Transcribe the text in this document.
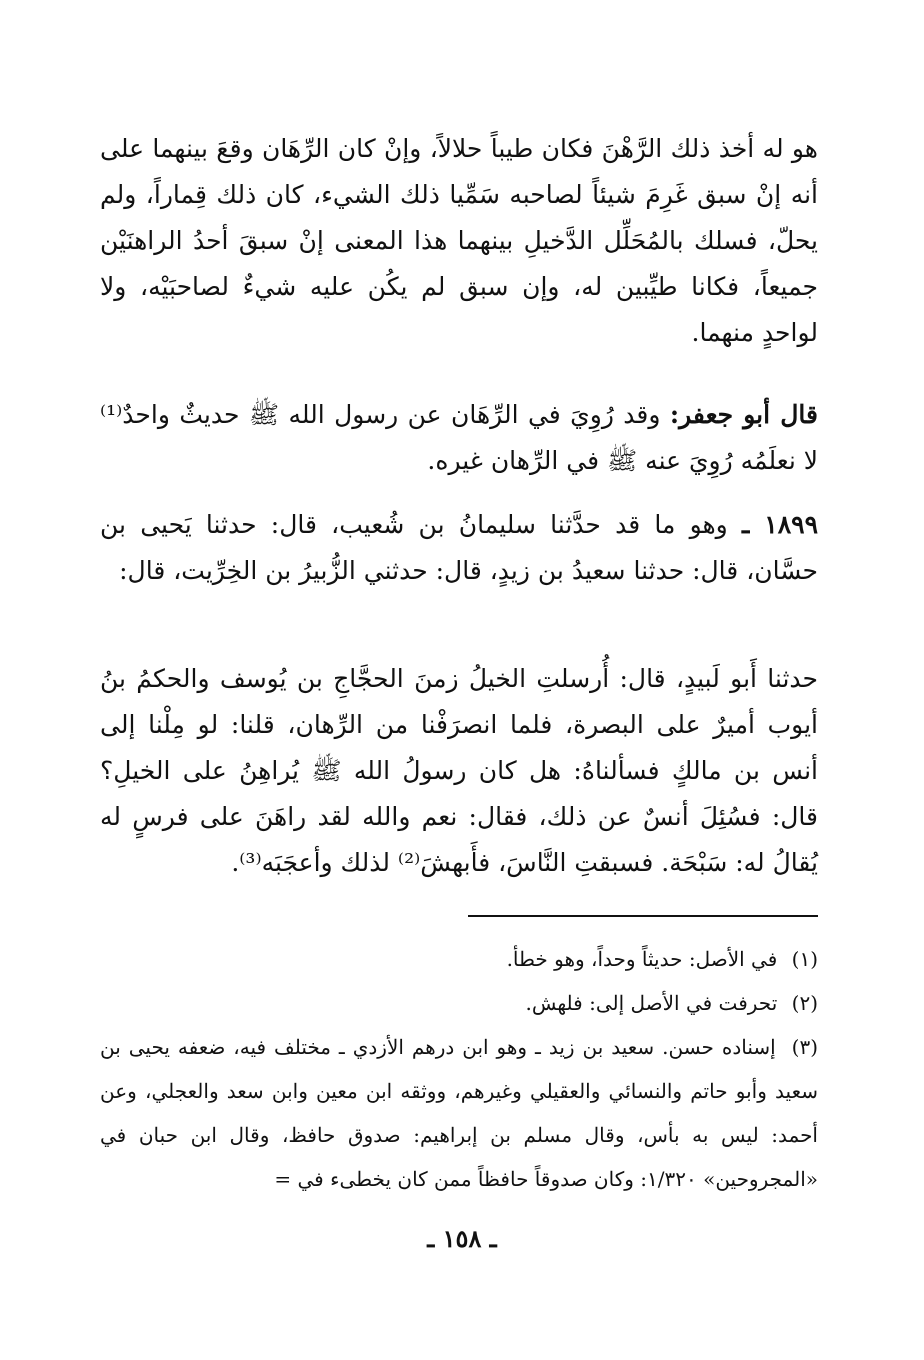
هو له أخذ ذلك الرَّهْنَ فكان طيباً حلالاً، وإنْ كان الرِّهَان وقعَ بينهما على أنه إنْ سبق غَرِمَ شيئاً لصاحبه سَمِّيا ذلك الشيء، كان ذلك قِماراً، ولم يحلّ، فسلك بالمُحَلِّل الدَّخيلِ بينهما هذا المعنى إنْ سبقَ أحدُ الراهنَيْن جميعاً، فكانا طيِّبين له، وإن سبق لم يكُن عليه شيءٌ لصاحبَيْه، ولا لواحدٍ منهما.

قال أبو جعفر: وقد رُوِيَ في الرِّهَان عن رسول الله ﷺ حديثٌ واحدٌ⁽¹⁾ لا نعلَمُه رُوِيَ عنه ﷺ في الرِّهان غيره.

١٨٩٩ ـ وهو ما قد حدَّثنا سليمانُ بن شُعيب، قال: حدثنا يَحيى بن حسَّان، قال: حدثنا سعيدُ بن زيدٍ، قال: حدثني الزُّبيرُ بن الخِرِّيت، قال:

حدثنا أَبو لَبيدٍ، قال: أُرسلتِ الخيلُ زمنَ الحجَّاجِ بن يُوسف والحكمُ بنُ أيوب أميرٌ على البصرة، فلما انصرَفْنا من الرِّهان، قلنا: لو مِلْنا إلى أنس بن مالكٍ فسألناهُ: هل كان رسولُ الله ﷺ يُراهِنُ على الخيلِ؟ قال: فسُئِلَ أنسٌ عن ذلك، فقال: نعم والله لقد راهَنَ على فرسٍ له يُقالُ له: سَبْحَة. فسبقتِ النَّاسَ، فأَبهشَ⁽²⁾ لذلك وأعجَبَه⁽³⁾.

(١) في الأصل: حديثاً وحداً، وهو خطأ.

(٢) تحرفت في الأصل إلى: فلهش.

(٣) إسناده حسن. سعيد بن زيد ـ وهو ابن درهم الأزدي ـ مختلف فيه، ضعفه يحيى بن سعيد وأبو حاتم والنسائي والعقيلي وغيرهم، ووثقه ابن معين وابن سعد والعجلي، وعن أحمد: ليس به بأس، وقال مسلم بن إبراهيم: صدوق حافظ، وقال ابن حبان في «المجروحين» ١/٣٢٠: وكان صدوقاً حافظاً ممن كان يخطىء في =

ـ ١٥٨ ـ
